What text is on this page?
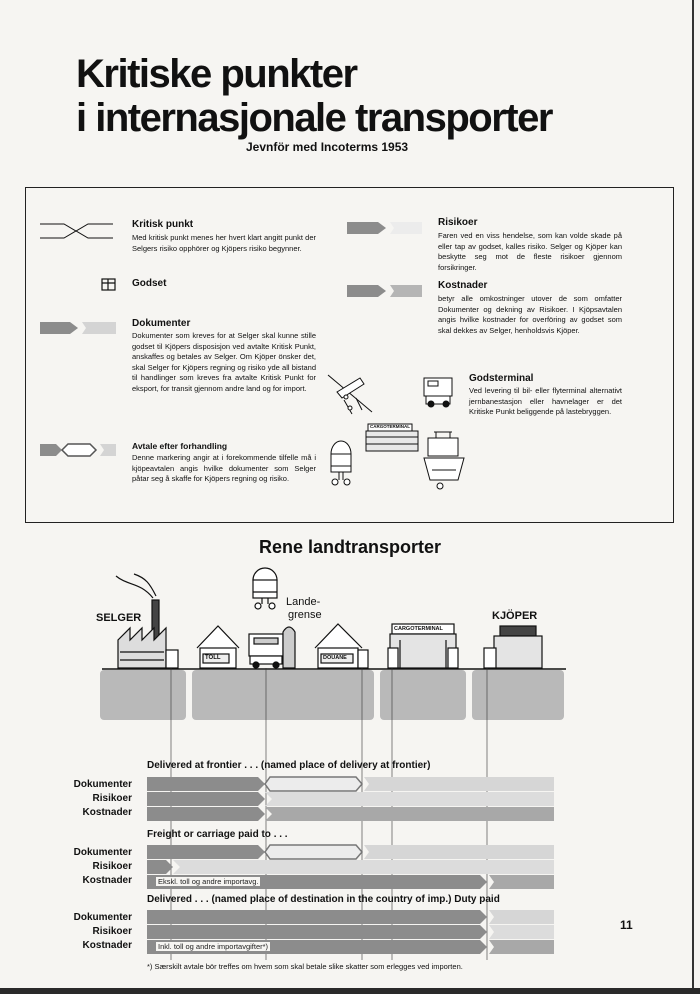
Kritiske punkter
i internasjonale transporter
Jevnför med Incoterms 1953
Kritisk punkt
Med kritisk punkt menes her hvert klart angitt punkt der Selgers risiko opphörer og Kjöpers risiko begynner.
Godset
Dokumenter
Dokumenter som kreves for at Selger skal kunne stille godset til Kjöpers disposisjon ved avtalte Kritisk Punkt, anskaffes og betales av Selger. Om Kjöper önsker det, skal Selger for Kjöpers regning og risiko yde all bistand til handlinger som kreves fra avtalte Kritisk Punkt for eksport, for transit gjennom andre land og for import.
Avtale efter forhandling
Denne markering angir at i forekommende tilfelle må i kjöpeavtalen angis hvilke dokumenter som Selger påtar seg å skaffe for Kjöpers regning og risiko.
Risikoer
Faren ved en viss hendelse, som kan volde skade på eller tap av godset, kalles risiko. Selger og Kjöper kan beskytte seg mot de fleste risikoer gjennom forsikringer.
Kostnader
betyr alle omkostninger utover de som omfatter Dokumenter og dekning av Risikoer. I Kjöpsavtalen angis hvilke kostnader for overföring av godset som skal dekkes av Selger, henholdsvis Kjöper.
Godsterminal
Ved levering til bil- eller flyterminal alternativt jernbanestasjon eller havnelager er det Kritiske Punkt beliggende på lastebryggen.
CARGOTERMINAL
Rene landtransporter
SELGER	KJÖPER
Lande-
grense
TOLL	DOUANE
CARGOTERMINAL
Delivered at frontier . . . (named place of delivery at frontier)
Freight or carriage paid to . . .
Delivered . . . (named place of destination in the country of imp.) Duty paid
Dokumenter
Risikoer
Kostnader
Dokumenter
Risikoer
Kostnader
Dokumenter
Risikoer
Kostnader
Ekskl. toll og andre importavg.
Inkl. toll og andre importavgifter*)
*) Særskilt avtale bör treffes om hvem som skal betale slike skatter som erlegges ved importen.
11
